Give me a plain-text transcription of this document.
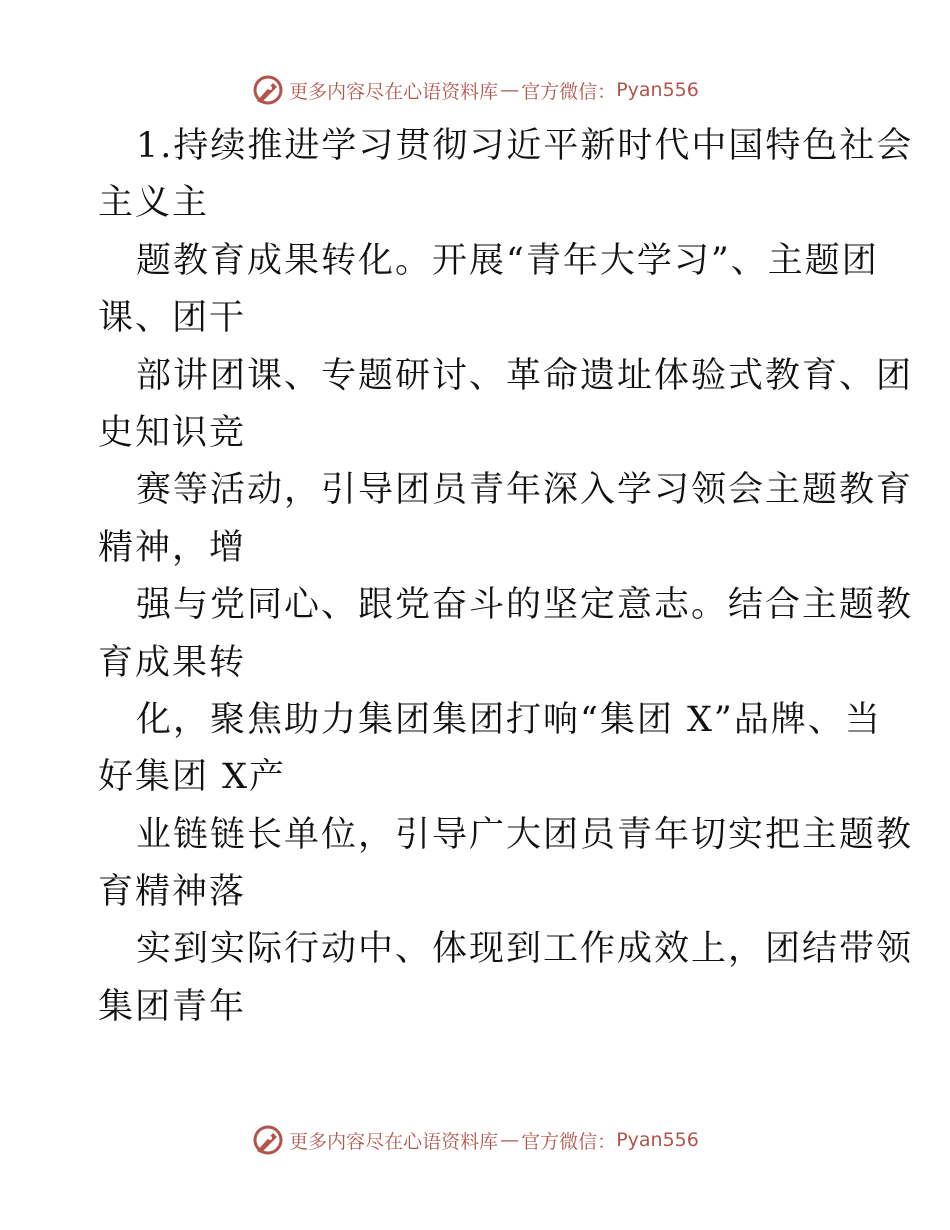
更多内容尽在心语资料库 — 官方微信： Pyan556
1.持续推进学习贯彻习近平新时代中国特色社会
主义主
题教育成果转化。开展“青年大学习”、主题团
课、团干
部讲团课、专题研讨、革命遗址体验式教育、团
史知识竞
赛等活动，引导团员青年深入学习领会主题教育
精神，增
强与党同心、跟党奋斗的坚定意志。结合主题教
育成果转
化，聚焦助力集团集团打响“集团 X”品牌、当
好集团 X产
业链链长单位，引导广大团员青年切实把主题教
育精神落
实到实际行动中、体现到工作成效上，团结带领
集团青年
更多内容尽在心语资料库 — 官方微信： Pyan556
